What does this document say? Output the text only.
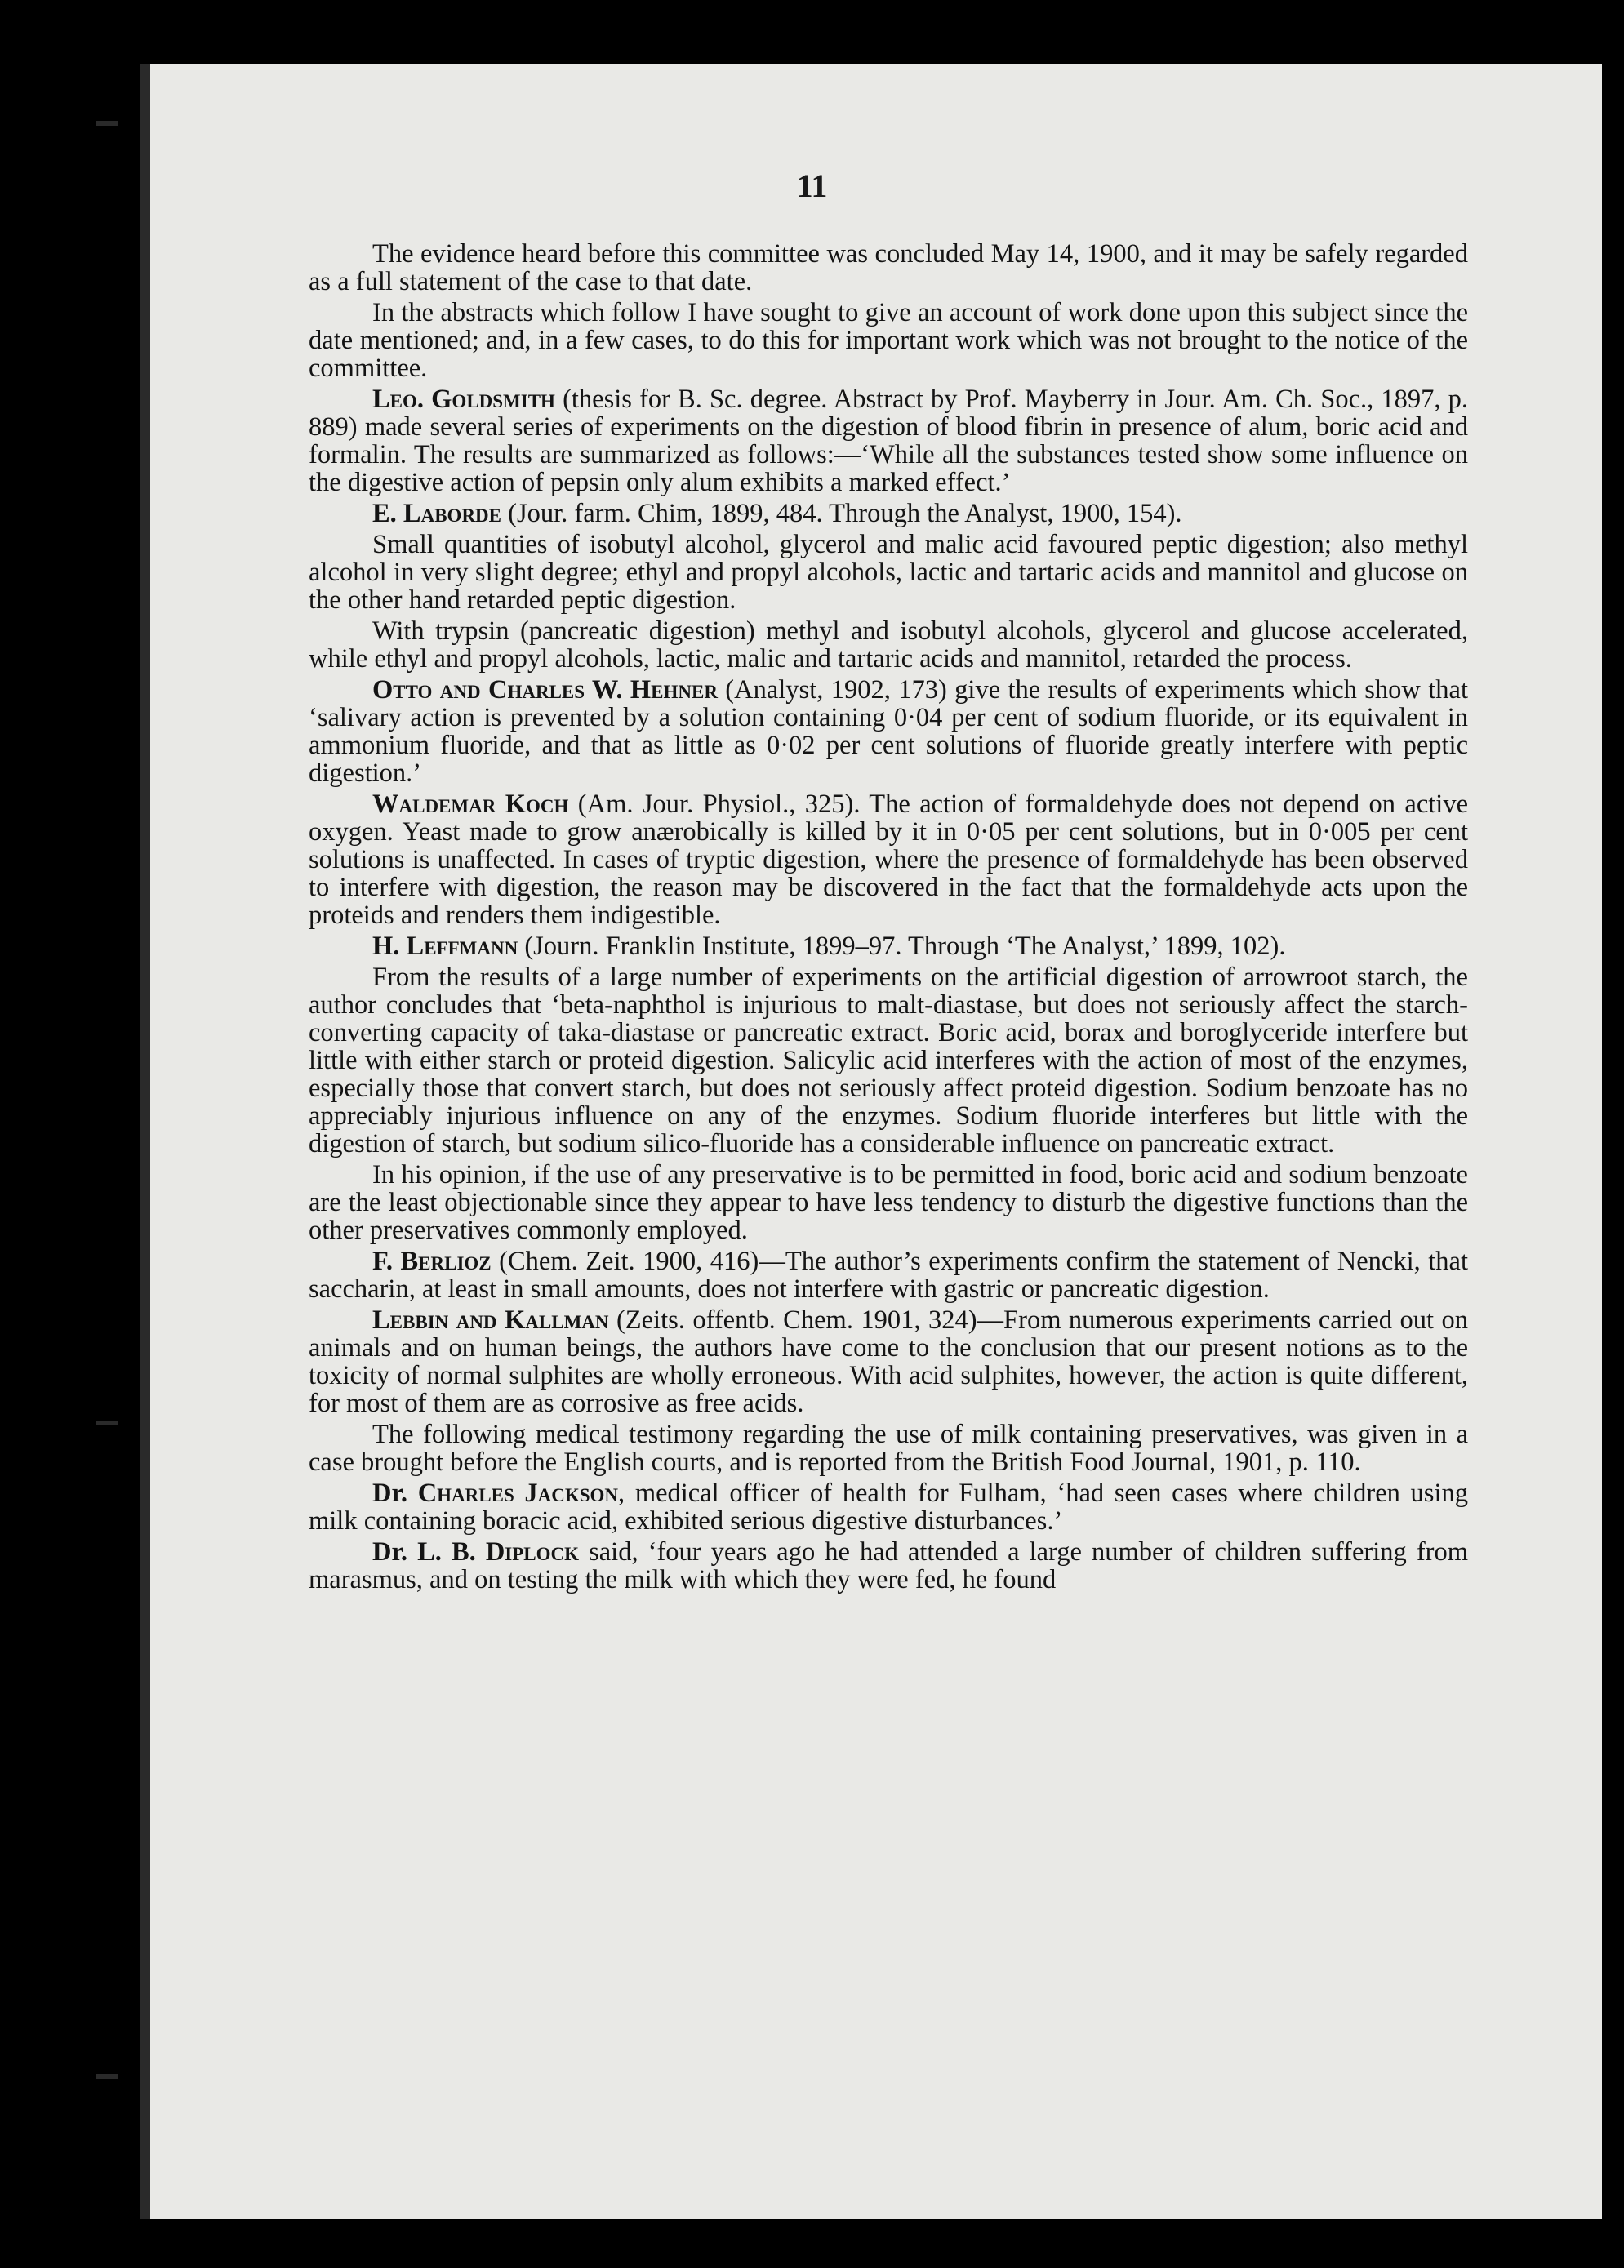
11

The evidence heard before this committee was concluded May 14, 1900, and it may be safely regarded as a full statement of the case to that date.

In the abstracts which follow I have sought to give an account of work done upon this subject since the date mentioned; and, in a few cases, to do this for important work which was not brought to the notice of the committee.

Leo. Goldsmith (thesis for B. Sc. degree. Abstract by Prof. Mayberry in Jour. Am. Ch. Soc., 1897, p. 889) made several series of experiments on the digestion of blood fibrin in presence of alum, boric acid and formalin. The results are summarized as follows:—‘While all the substances tested show some influence on the digestive action of pepsin only alum exhibits a marked effect.’

E. Laborde (Jour. farm. Chim, 1899, 484. Through the Analyst, 1900, 154).

Small quantities of isobutyl alcohol, glycerol and malic acid favoured peptic digestion; also methyl alcohol in very slight degree; ethyl and propyl alcohols, lactic and tartaric acids and mannitol and glucose on the other hand retarded peptic digestion.

With trypsin (pancreatic digestion) methyl and isobutyl alcohols, glycerol and glucose accelerated, while ethyl and propyl alcohols, lactic, malic and tartaric acids and mannitol, retarded the process.

Otto and Charles W. Hehner (Analyst, 1902, 173) give the results of experiments which show that ‘salivary action is prevented by a solution containing 0·04 per cent of sodium fluoride, or its equivalent in ammonium fluoride, and that as little as 0·02 per cent solutions of fluoride greatly interfere with peptic digestion.’

Waldemar Koch (Am. Jour. Physiol., 325). The action of formaldehyde does not depend on active oxygen. Yeast made to grow anærobically is killed by it in 0·05 per cent solutions, but in 0·005 per cent solutions is unaffected. In cases of tryptic digestion, where the presence of formaldehyde has been observed to interfere with digestion, the reason may be discovered in the fact that the formaldehyde acts upon the proteids and renders them indigestible.

H. Leffmann (Journ. Franklin Institute, 1899–97. Through ‘The Analyst,’ 1899, 102).

From the results of a large number of experiments on the artificial digestion of arrowroot starch, the author concludes that ‘beta-naphthol is injurious to malt-diastase, but does not seriously affect the starch-converting capacity of taka-diastase or pancreatic extract. Boric acid, borax and boroglyceride interfere but little with either starch or proteid digestion. Salicylic acid interferes with the action of most of the enzymes, especially those that convert starch, but does not seriously affect proteid digestion. Sodium benzoate has no appreciably injurious influence on any of the enzymes. Sodium fluoride interferes but little with the digestion of starch, but sodium silico-fluoride has a considerable influence on pancreatic extract.

In his opinion, if the use of any preservative is to be permitted in food, boric acid and sodium benzoate are the least objectionable since they appear to have less tendency to disturb the digestive functions than the other preservatives commonly employed.

F. Berlioz (Chem. Zeit. 1900, 416)—The author’s experiments confirm the statement of Nencki, that saccharin, at least in small amounts, does not interfere with gastric or pancreatic digestion.

Lebbin and Kallman (Zeits. offentb. Chem. 1901, 324)—From numerous experiments carried out on animals and on human beings, the authors have come to the conclusion that our present notions as to the toxicity of normal sulphites are wholly erroneous. With acid sulphites, however, the action is quite different, for most of them are as corrosive as free acids.

The following medical testimony regarding the use of milk containing preservatives, was given in a case brought before the English courts, and is reported from the British Food Journal, 1901, p. 110.

Dr. Charles Jackson, medical officer of health for Fulham, ‘had seen cases where children using milk containing boracic acid, exhibited serious digestive disturbances.’

Dr. L. B. Diplock said, ‘four years ago he had attended a large number of children suffering from marasmus, and on testing the milk with which they were fed, he found
